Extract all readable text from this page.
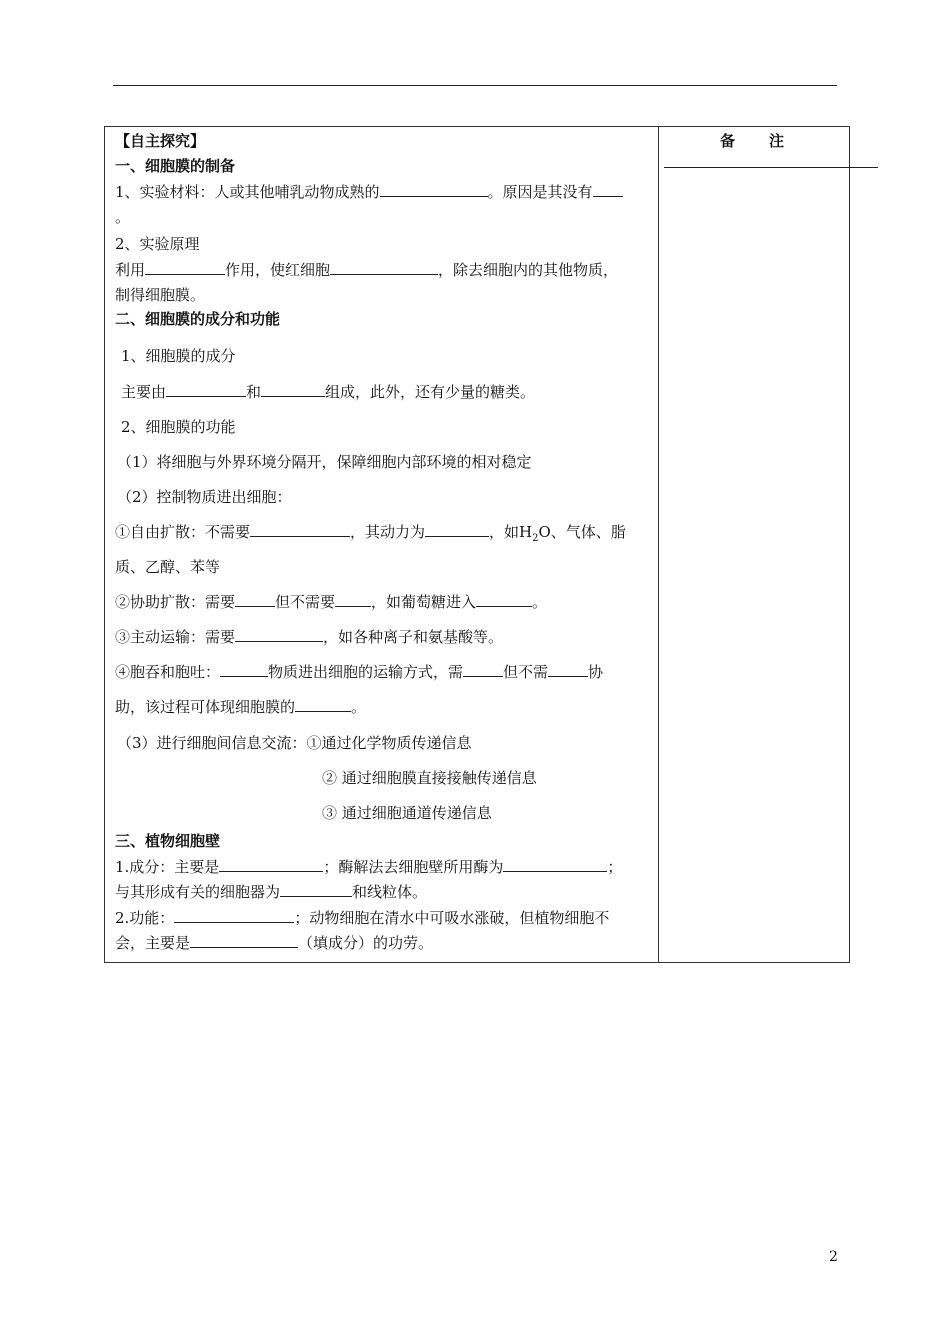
备 注
【自主探究】
一、细胞膜的制备
1、实验材料：人或其他哺乳动物成熟的	。原因是其没有
。
2、实验原理
利用	作用，使红细胞	，除去细胞内的其他物质，
制得细胞膜。
二、细胞膜的成分和功能
1、细胞膜的成分
主要由	和	组成，此外，还有少量的糖类。
2、细胞膜的功能
（1）将细胞与外界环境分隔开，保障细胞内部环境的相对稳定
（2）控制物质进出细胞：
①自由扩散：不需要	，其动力为	，如$H_2O$、气体、脂
质、乙醇、苯等
②协助扩散：需要	但不需要 ，如葡萄糖进入	。
③主动运输：需要	，如各种离子和氨基酸等。
④胞吞和胞吐：	物质进出细胞的运输方式，需	但不需	协
助，该过程可体现细胞膜的	。
（3）进行细胞间信息交流：①通过化学物质传递信息
② 通过细胞膜直接接触传递信息
③ 通过细胞通道传递信息
三、植物细胞壁
1.成分：主要是	；酶解法去细胞壁所用酶为	；
与其形成有关的细胞器为	和线粒体。
2.功能：	；动物细胞在清水中可吸水涨破，但植物细胞不
会，主要是	（填成分）的功劳。
2
